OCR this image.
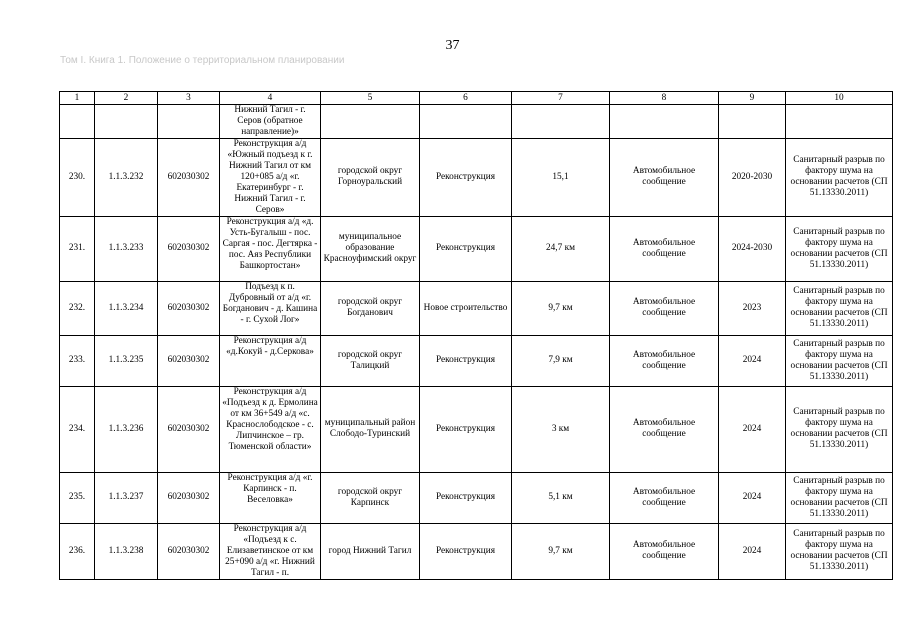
37
Том I. Книга 1. Положение о территориальном планировании
1	2	3	4	5	6	7	8	9	10
			Нижний Тагил - г. Серов (обратное направление)»						
230.	1.1.3.232	602030302	Реконструкция а/д «Южный подъезд к г. Нижний Тагил от км 120+085 а/д «г. Екатеринбург - г. Нижний Тагил - г. Серов»	городской округ Горноуральский	Реконструкция	15,1	Автомобильное сообщение	2020-2030	Санитарный разрыв по фактору шума на основании расчетов (СП 51.13330.2011)
231.	1.1.3.233	602030302	Реконструкция а/д «д. Усть-Бугалыш - пос. Саргая - пос. Дегтярка - пос. Аяз Республики Башкортостан»	муниципальное образование Красноуфимский округ	Реконструкция	24,7 км	Автомобильное сообщение	2024-2030	Санитарный разрыв по фактору шума на основании расчетов (СП 51.13330.2011)
232.	1.1.3.234	602030302	Подъезд к п. Дубровный от а/д «г. Богданович - д. Кашина - г. Сухой Лог»	городской округ Богданович	Новое строительство	9,7 км	Автомобильное сообщение	2023	Санитарный разрыв по фактору шума на основании расчетов (СП 51.13330.2011)
233.	1.1.3.235	602030302	Реконструкция а/д «д.Кокуй - д.Серкова»	городской округ Талицкий	Реконструкция	7,9 км	Автомобильное сообщение	2024	Санитарный разрыв по фактору шума на основании расчетов (СП 51.13330.2011)
234.	1.1.3.236	602030302	Реконструкция а/д «Подъезд к д. Ермолина от км 36+549 а/д «с. Краснослободское - с. Липчинское – гр. Тюменской области»	муниципальный район Слободо-Туринский	Реконструкция	3 км	Автомобильное сообщение	2024	Санитарный разрыв по фактору шума на основании расчетов (СП 51.13330.2011)
235.	1.1.3.237	602030302	Реконструкция а/д «г. Карпинск - п. Веселовка»	городской округ Карпинск	Реконструкция	5,1 км	Автомобильное сообщение	2024	Санитарный разрыв по фактору шума на основании расчетов (СП 51.13330.2011)
236.	1.1.3.238	602030302	Реконструкция а/д «Подъезд к с. Елизаветинское от км 25+090 а/д «г. Нижний Тагил - п.	город Нижний Тагил	Реконструкция	9,7 км	Автомобильное сообщение	2024	Санитарный разрыв по фактору шума на основании расчетов (СП 51.13330.2011)
